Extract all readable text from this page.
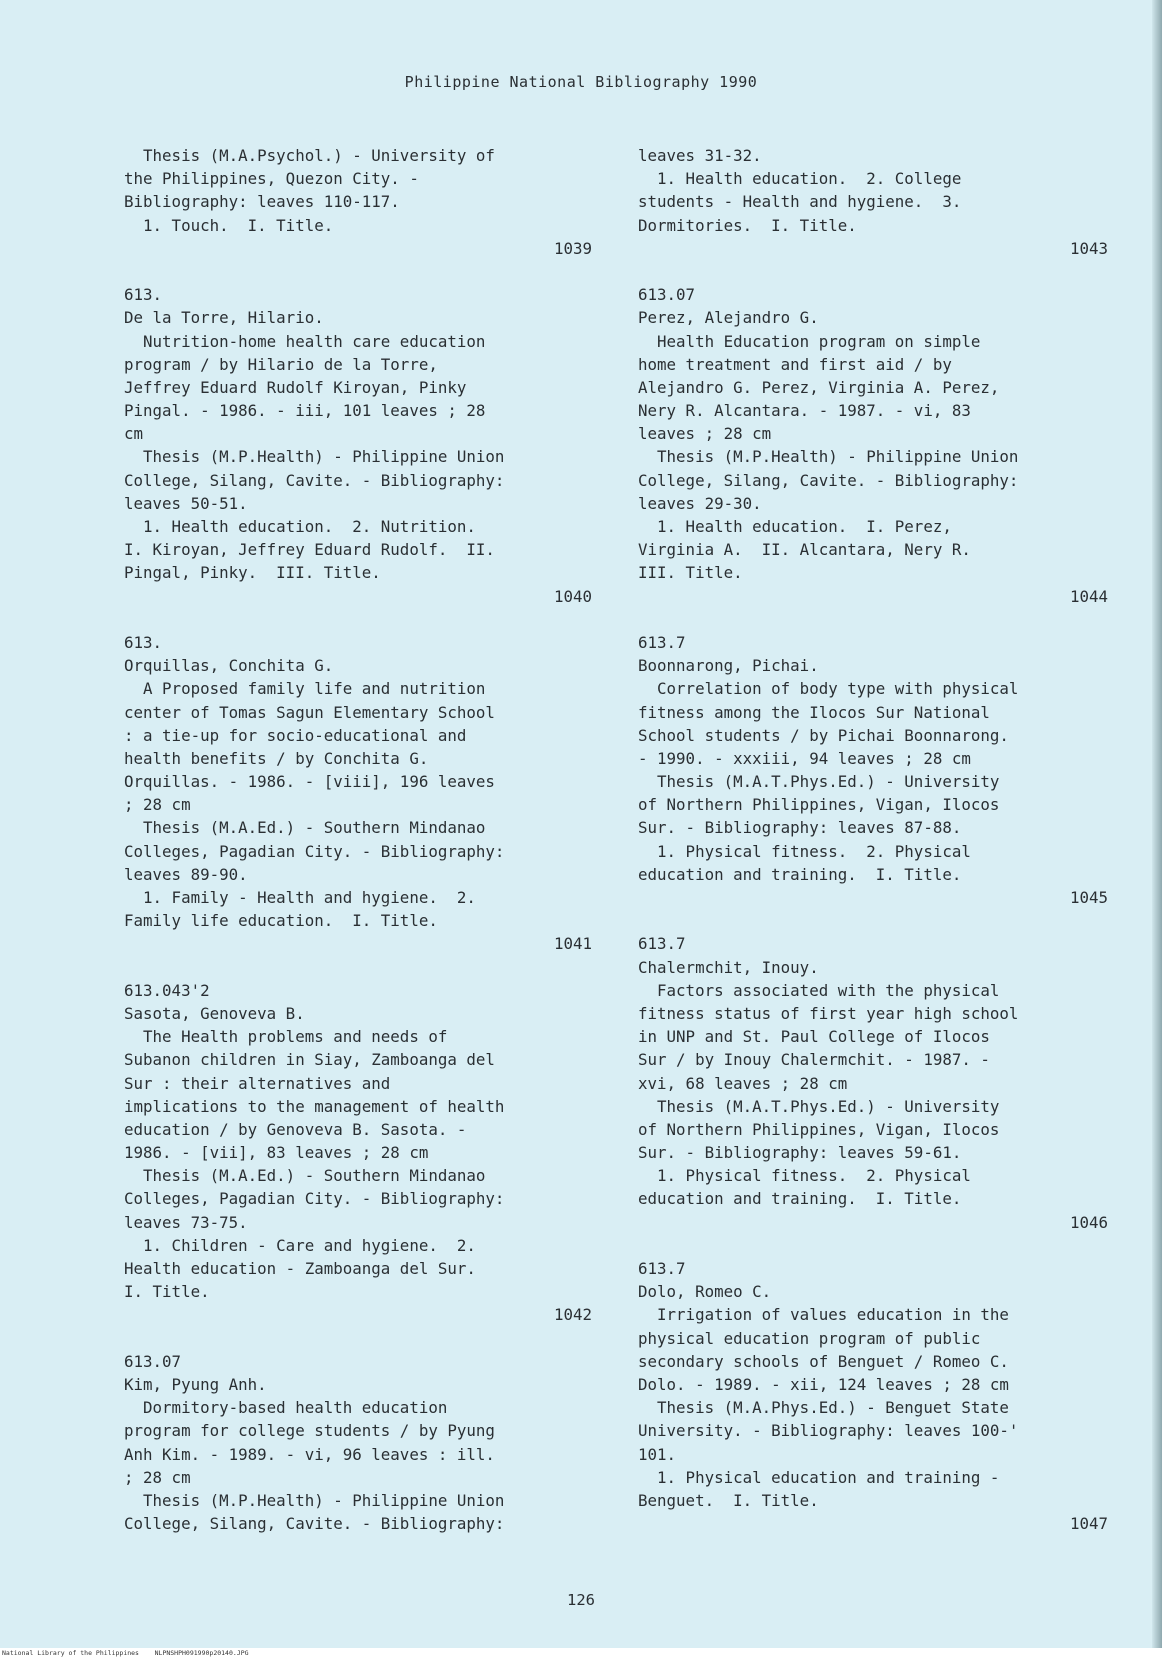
Philippine National Bibliography 1990
Thesis (M.A.Psychol.) - University of
the Philippines, Quezon City. -
Bibliography: leaves 110-117.
1. Touch.  I. Title.
1039
613.
De la Torre, Hilario.
Nutrition-home health care education
program / by Hilario de la Torre,
Jeffrey Eduard Rudolf Kiroyan, Pinky
Pingal. - 1986. - iii, 101 leaves ; 28
cm
Thesis (M.P.Health) - Philippine Union
College, Silang, Cavite. - Bibliography:
leaves 50-51.
1. Health education.  2. Nutrition.
I. Kiroyan, Jeffrey Eduard Rudolf.  II.
Pingal, Pinky.  III. Title.
1040
613.
Orquillas, Conchita G.
A Proposed family life and nutrition
center of Tomas Sagun Elementary School
: a tie-up for socio-educational and
health benefits / by Conchita G.
Orquillas. - 1986. - [viii], 196 leaves
; 28 cm
Thesis (M.A.Ed.) - Southern Mindanao
Colleges, Pagadian City. - Bibliography:
leaves 89-90.
1. Family - Health and hygiene.  2.
Family life education.  I. Title.
1041
613.043'2
Sasota, Genoveva B.
The Health problems and needs of
Subanon children in Siay, Zamboanga del
Sur : their alternatives and
implications to the management of health
education / by Genoveva B. Sasota. -
1986. - [vii], 83 leaves ; 28 cm
Thesis (M.A.Ed.) - Southern Mindanao
Colleges, Pagadian City. - Bibliography:
leaves 73-75.
1. Children - Care and hygiene.  2.
Health education - Zamboanga del Sur.
I. Title.
1042
613.07
Kim, Pyung Anh.
Dormitory-based health education
program for college students / by Pyung
Anh Kim. - 1989. - vi, 96 leaves : ill.
; 28 cm
Thesis (M.P.Health) - Philippine Union
College, Silang, Cavite. - Bibliography:
leaves 31-32.
1. Health education.  2. College
students - Health and hygiene.  3.
Dormitories.  I. Title.
1043
613.07
Perez, Alejandro G.
Health Education program on simple
home treatment and first aid / by
Alejandro G. Perez, Virginia A. Perez,
Nery R. Alcantara. - 1987. - vi, 83
leaves ; 28 cm
Thesis (M.P.Health) - Philippine Union
College, Silang, Cavite. - Bibliography:
leaves 29-30.
1. Health education.  I. Perez,
Virginia A.  II. Alcantara, Nery R.
III. Title.
1044
613.7
Boonnarong, Pichai.
Correlation of body type with physical
fitness among the Ilocos Sur National
School students / by Pichai Boonnarong.
- 1990. - xxxiii, 94 leaves ; 28 cm
Thesis (M.A.T.Phys.Ed.) - University
of Northern Philippines, Vigan, Ilocos
Sur. - Bibliography: leaves 87-88.
1. Physical fitness.  2. Physical
education and training.  I. Title.
1045
613.7
Chalermchit, Inouy.
Factors associated with the physical
fitness status of first year high school
in UNP and St. Paul College of Ilocos
Sur / by Inouy Chalermchit. - 1987. -
xvi, 68 leaves ; 28 cm
Thesis (M.A.T.Phys.Ed.) - University
of Northern Philippines, Vigan, Ilocos
Sur. - Bibliography: leaves 59-61.
1. Physical fitness.  2. Physical
education and training.  I. Title.
1046
613.7
Dolo, Romeo C.
Irrigation of values education in the
physical education program of public
secondary schools of Benguet / Romeo C.
Dolo. - 1989. - xii, 124 leaves ; 28 cm
Thesis (M.A.Phys.Ed.) - Benguet State
University. - Bibliography: leaves 100-'
101.
1. Physical education and training -
Benguet.  I. Title.
1047
126
National Library of the Philippines    NLPNSHPH091990p20140.JPG
